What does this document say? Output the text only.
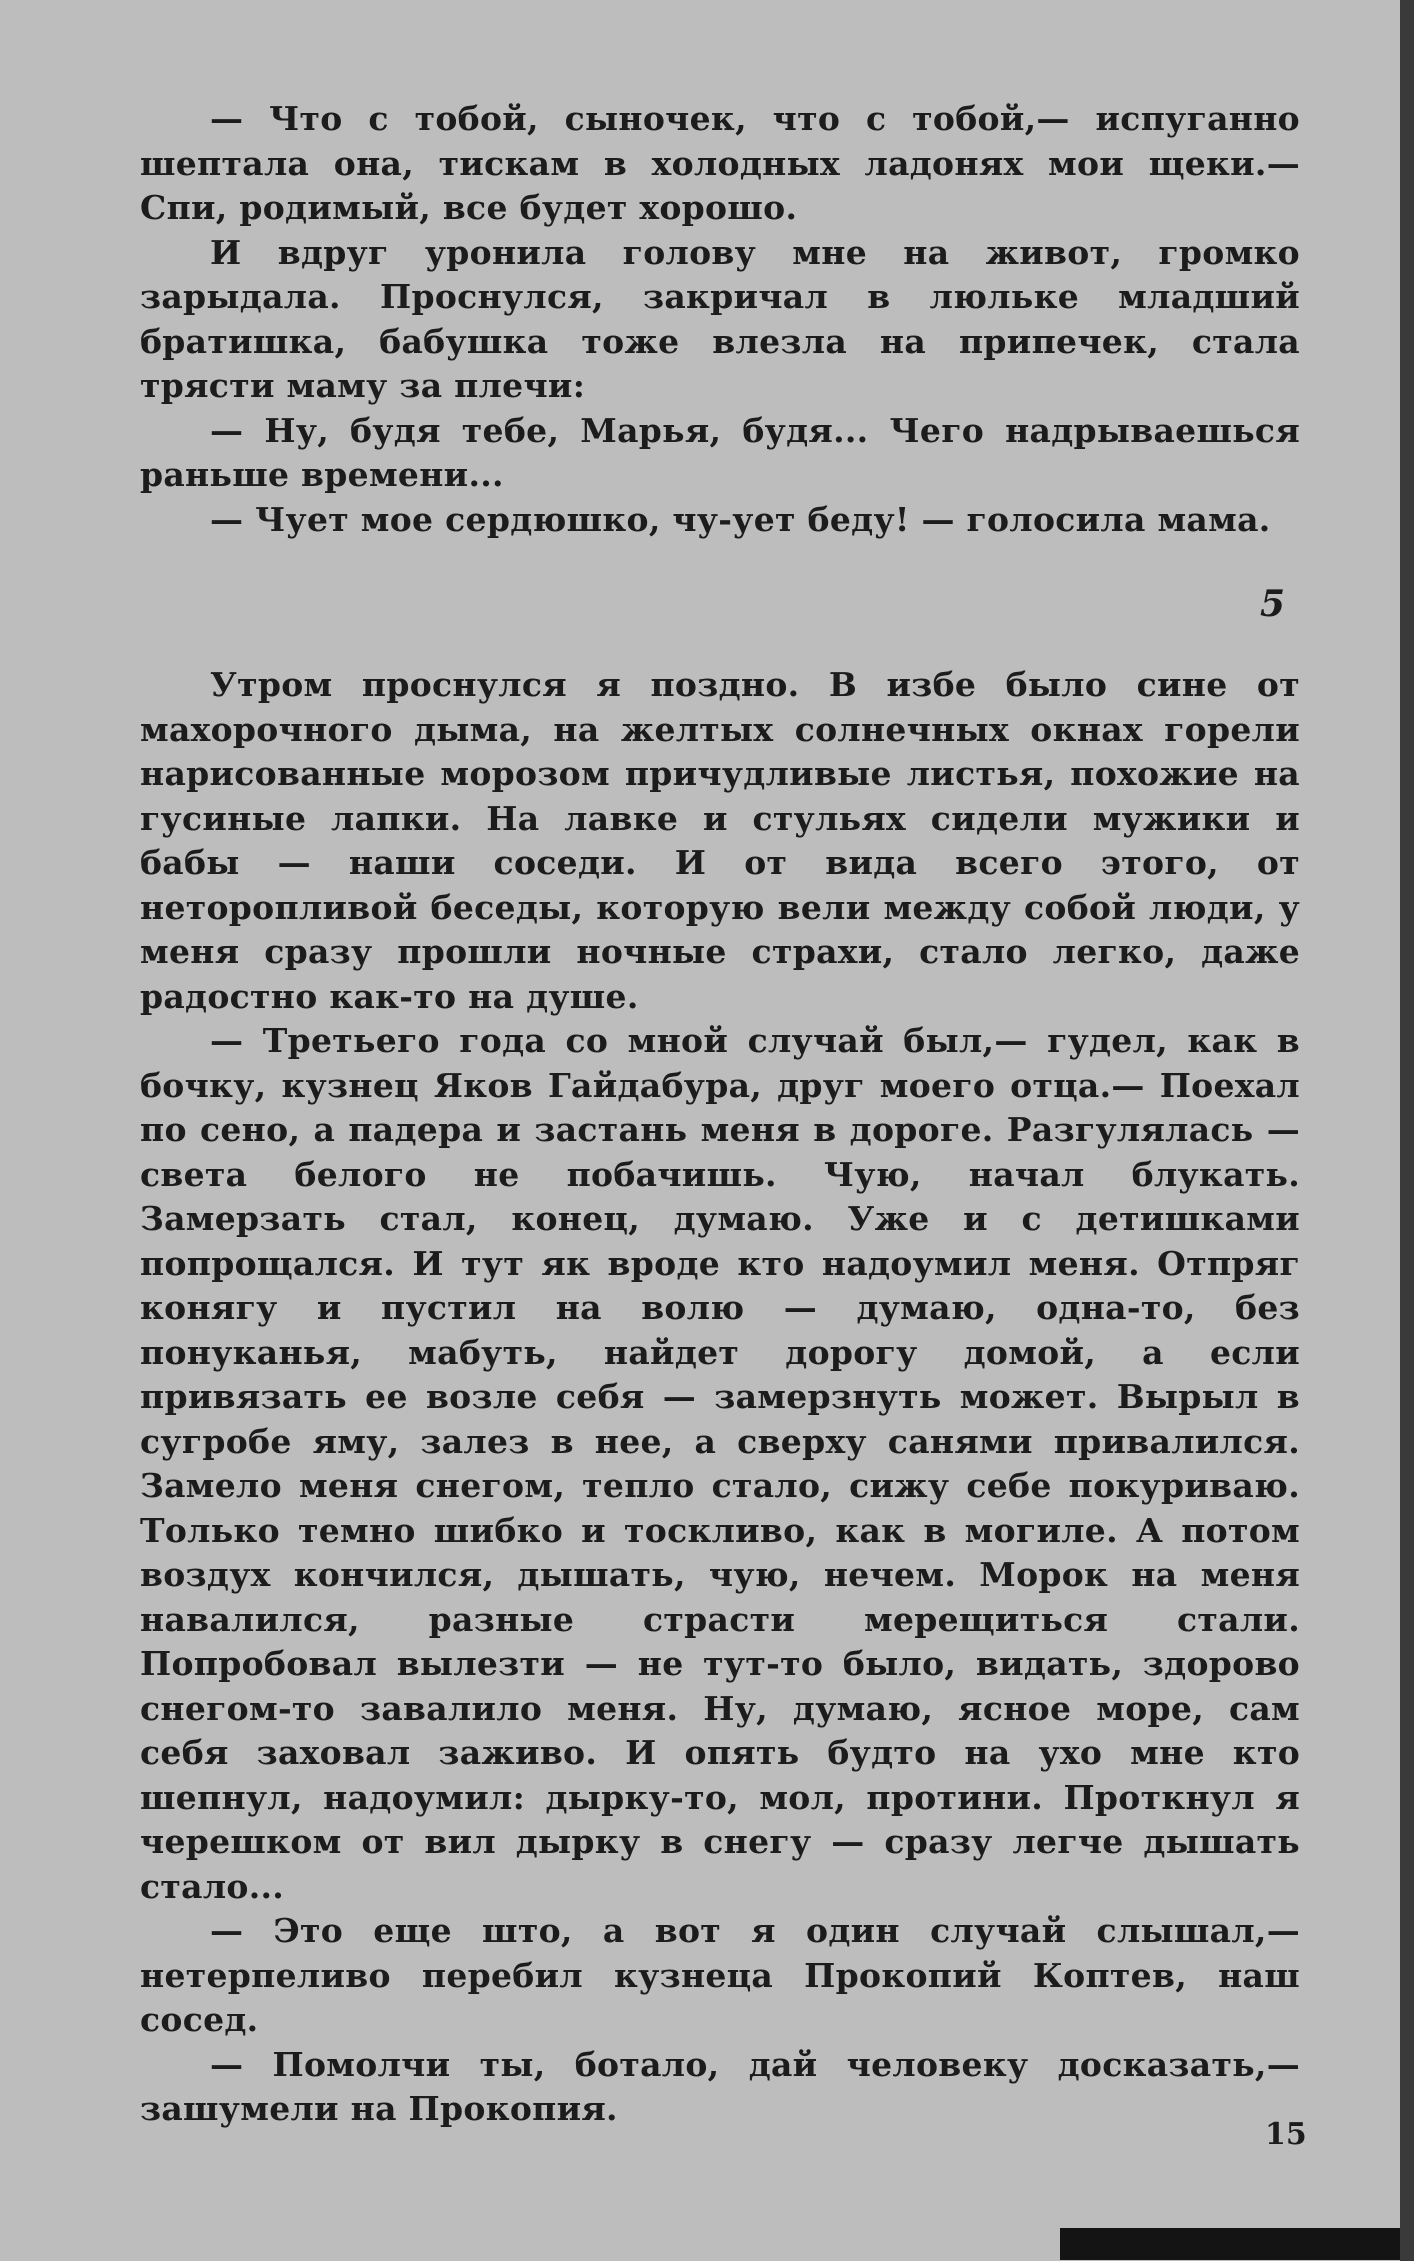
— Что с тобой, сыночек, что с тобой,— испуганно шептала она, тискам в холодных ладонях мои щеки.— Спи, родимый, все будет хорошо.

И вдруг уронила голову мне на живот, громко зарыдала. Проснулся, закричал в люльке младший братишка, бабушка тоже влезла на припечек, стала трясти маму за плечи:

— Ну, будя тебе, Марья, будя... Чего надрываешься раньше времени...

— Чует мое сердюшко, чу-ует беду! — голосила мама.

5

Утром проснулся я поздно. В избе было сине от махорочного дыма, на желтых солнечных окнах горели нарисованные морозом причудливые листья, похожие на гусиные лапки. На лавке и стульях сидели мужики и бабы — наши соседи. И от вида всего этого, от неторопливой беседы, которую вели между собой люди, у меня сразу прошли ночные страхи, стало легко, даже радостно как-то на душе.

— Третьего года со мной случай был,— гудел, как в бочку, кузнец Яков Гайдабура, друг моего отца.— Поехал по сено, а падера и застань меня в дороге. Разгулялась — света белого не побачишь. Чую, начал блукать. Замерзать стал, конец, думаю. Уже и с детишками попрощался. И тут як вроде кто надоумил меня. Отпряг конягу и пустил на волю — думаю, одна-то, без понуканья, мабуть, найдет дорогу домой, а если привязать ее возле себя — замерзнуть может. Вырыл в сугробе яму, залез в нее, а сверху санями привалился. Замело меня снегом, тепло стало, сижу себе покуриваю. Только темно шибко и тоскливо, как в могиле. А потом воздух кончился, дышать, чую, нечем. Морок на меня навалился, разные страсти мерещиться стали. Попробовал вылезти — не тут-то было, видать, здорово снегом-то завалило меня. Ну, думаю, ясное море, сам себя заховал заживо. И опять будто на ухо мне кто шепнул, надоумил: дырку-то, мол, протини. Проткнул я черешком от вил дырку в снегу — сразу легче дышать стало...

— Это еще што, а вот я один случай слышал,— нетерпеливо перебил кузнеца Прокопий Коптев, наш сосед.

— Помолчи ты, ботало, дай человеку досказать,— зашумели на Прокопия.

15
